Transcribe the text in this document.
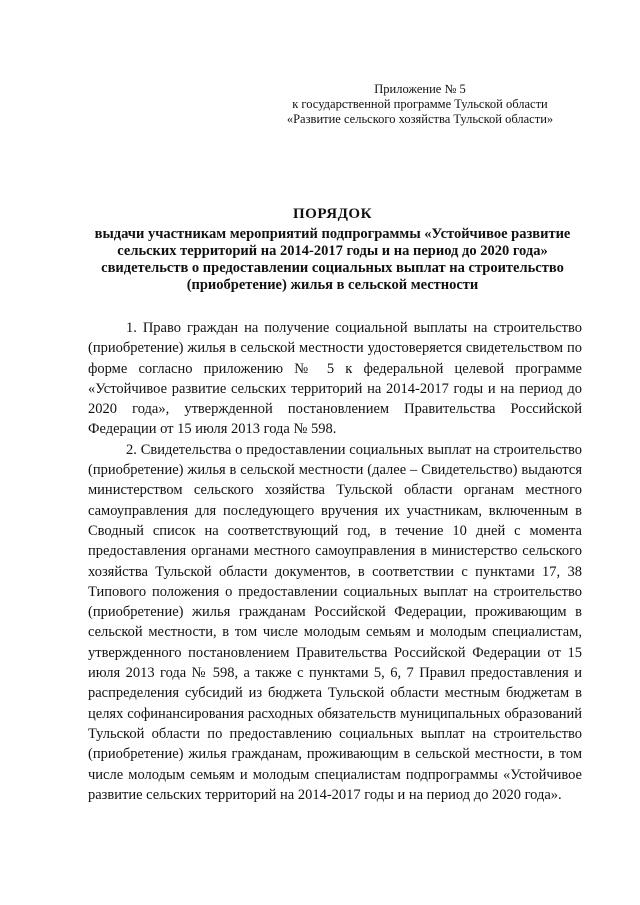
Приложение № 5
к государственной программе Тульской области
«Развитие сельского хозяйства Тульской области»
ПОРЯДОК
выдачи участникам мероприятий подпрограммы «Устойчивое развитие
сельских территорий на 2014-2017 годы и на период до 2020 года»
свидетельств о предоставлении социальных выплат на строительство
(приобретение) жилья в сельской местности

1. Право граждан на получение социальной выплаты на строительство (приобретение) жилья в сельской местности удостоверяется свидетельством по форме согласно приложению № 5 к федеральной целевой программе «Устойчивое развитие сельских территорий на 2014-2017 годы и на период до 2020 года», утвержденной постановлением Правительства Российской Федерации от 15 июля 2013 года № 598.

2. Свидетельства о предоставлении социальных выплат на строительство (приобретение) жилья в сельской местности (далее – Свидетельство) выдаются министерством сельского хозяйства Тульской области органам местного самоуправления для последующего вручения их участникам, включенным в Сводный список на соответствующий год, в течение 10 дней с момента предоставления органами местного самоуправления в министерство сельского хозяйства Тульской области документов, в соответствии с пунктами 17, 38 Типового положения о предоставлении социальных выплат на строительство (приобретение) жилья гражданам Российской Федерации, проживающим в сельской местности, в том числе молодым семьям и молодым специалистам, утвержденного постановлением Правительства Российской Федерации от 15 июля 2013 года № 598, а также с пунктами 5, 6, 7 Правил предоставления и распределения субсидий из бюджета Тульской области местным бюджетам в целях софинансирования расходных обязательств муниципальных образований Тульской области по предоставлению социальных выплат на строительство (приобретение) жилья гражданам, проживающим в сельской местности, в том числе молодым семьям и молодым специалистам подпрограммы «Устойчивое развитие сельских территорий на 2014-2017 годы и на период до 2020 года».
